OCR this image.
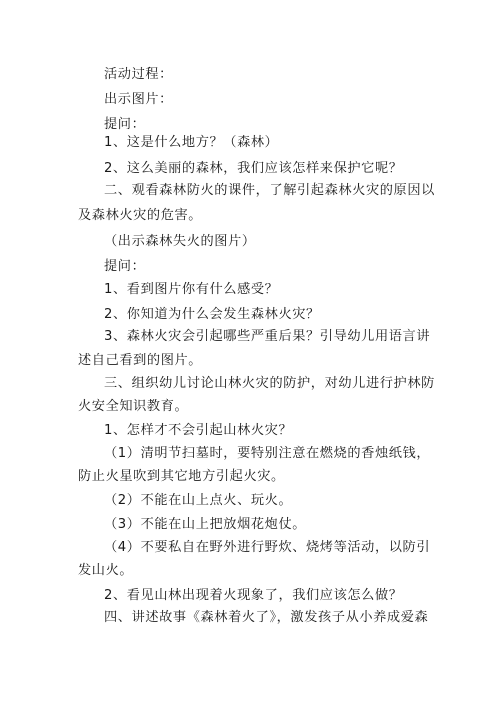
活动过程：
出示图片：
提问：
1、这是什么地方？（森林）
2、这么美丽的森林，我们应该怎样来保护它呢？
二、观看森林防火的课件，了解引起森林火灾的原因以
及森林火灾的危害。
（出示森林失火的图片）
提问：
1、看到图片你有什么感受？
2、你知道为什么会发生森林火灾？
3、森林火灾会引起哪些严重后果？引导幼儿用语言讲
述自己看到的图片。
三、组织幼儿讨论山林火灾的防护，对幼儿进行护林防
火安全知识教育。
1、怎样才不会引起山林火灾？
（1）清明节扫墓时，要特别注意在燃烧的香烛纸钱，
防止火星吹到其它地方引起火灾。
（2）不能在山上点火、玩火。
（3）不能在山上把放烟花炮仗。
（4）不要私自在野外进行野炊、烧烤等活动，以防引
发山火。
2、看见山林出现着火现象了，我们应该怎么做？
四、讲述故事《森林着火了》，激发孩子从小养成爱森
